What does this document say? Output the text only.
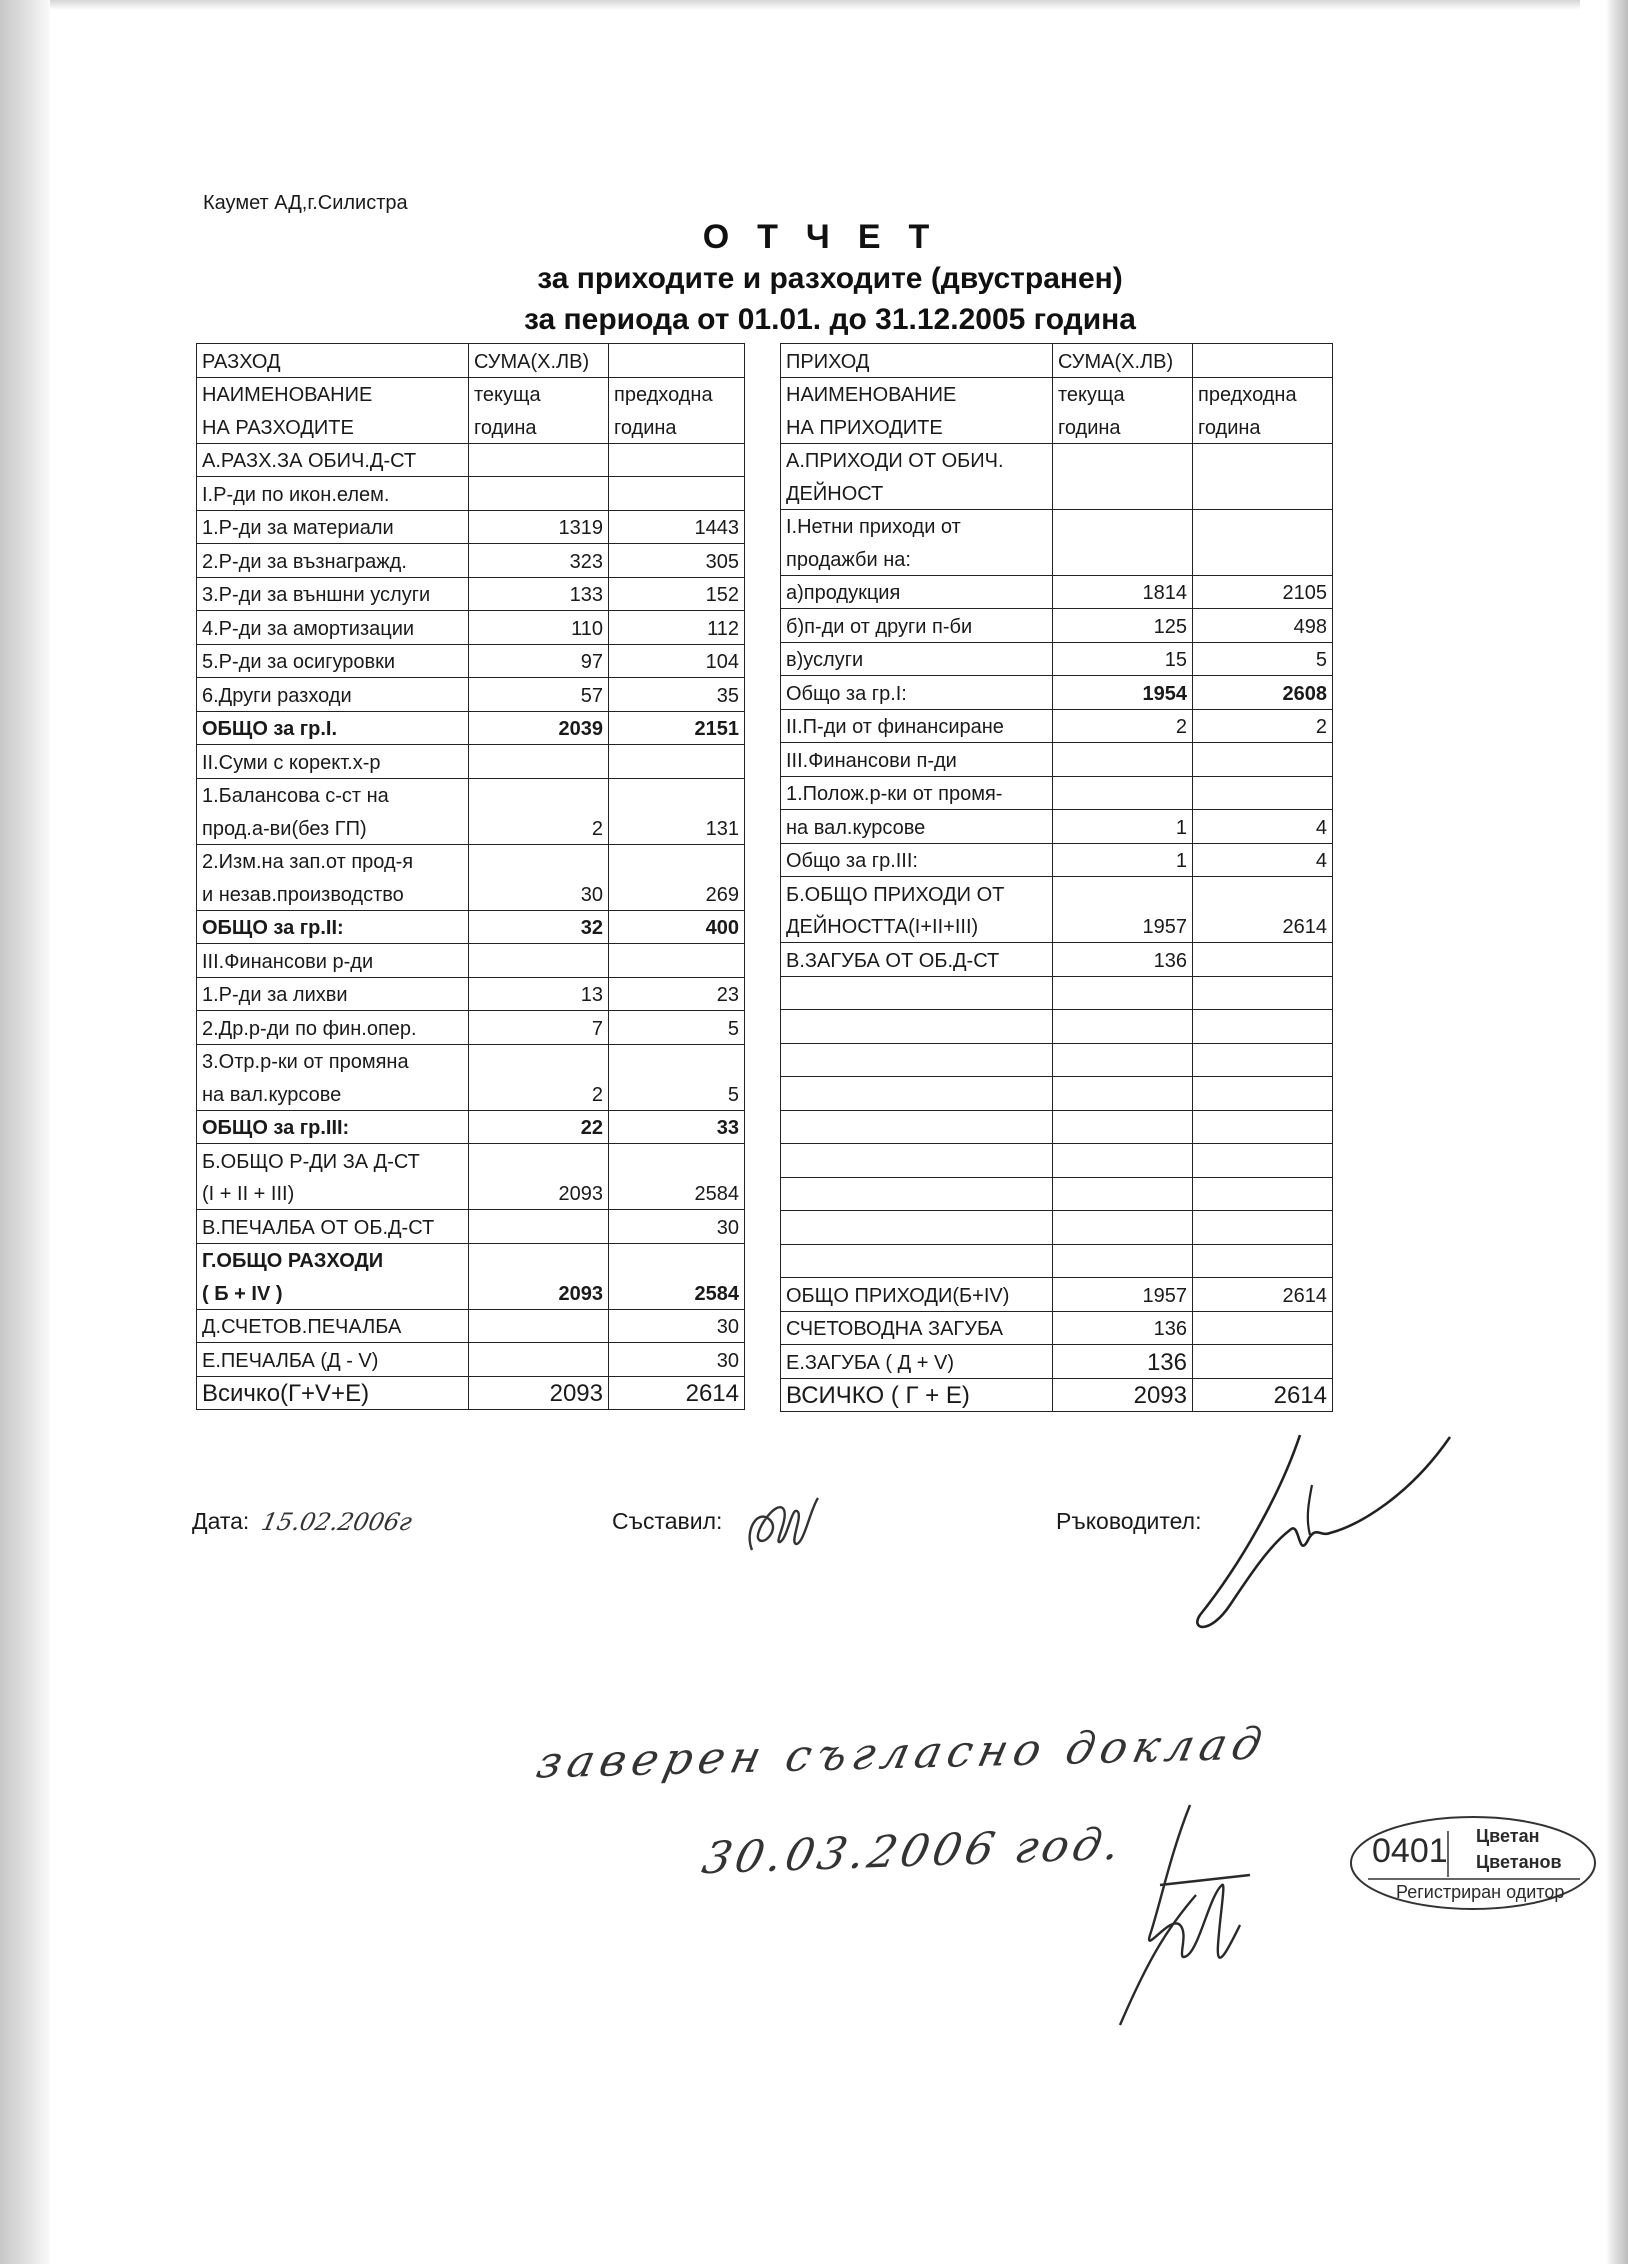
Каумет АД,г.Силистра
ОТЧЕТ
за приходите и разходите (двустранен)
за периода от 01.01. до 31.12.2005 година
РАЗХОД	СУМА(Х.ЛВ)	
НАИМЕНОВАНИЕ	текуща	предходна
НА РАЗХОДИТЕ	година	година
А.РАЗХ.ЗА ОБИЧ.Д-СТ		
I.Р-ди по икон.елем.		
1.Р-ди за материали	1319	1443
2.Р-ди за възнагражд.	323	305
3.Р-ди за външни услуги	133	152
4.Р-ди за амортизации	110	112
5.Р-ди за осигуровки	97	104
6.Други разходи	57	35
ОБЩО за гр.I.	2039	2151
II.Суми с корект.х-р		
1.Балансова с-ст на		
прод.а-ви(без ГП)	2	131
2.Изм.на зап.от прод-я		
и незав.производство	30	269
ОБЩО за гр.II:	32	400
III.Финансови р-ди		
1.Р-ди за лихви	13	23
2.Др.р-ди по фин.опер.	7	5
3.Отр.р-ки от промяна		
на вал.курсове	2	5
ОБЩО за гр.III:	22	33
Б.ОБЩО Р-ДИ ЗА Д-СТ		
(I + II + III)	2093	2584
В.ПЕЧАЛБА ОТ ОБ.Д-СТ		30
Г.ОБЩО РАЗХОДИ		
( Б + IV )	2093	2584
Д.СЧЕТОВ.ПЕЧАЛБА		30
Е.ПЕЧАЛБА (Д - V)		30
Всичко(Г+V+Е)	2093	2614
ПРИХОД	СУМА(Х.ЛВ)	
НАИМЕНОВАНИЕ	текуща	предходна
НА ПРИХОДИТЕ	година	година
А.ПРИХОДИ ОТ ОБИЧ.		
ДЕЙНОСТ		
I.Нетни приходи от		
продажби на:		
а)продукция	1814	2105
б)п-ди от други п-би	125	498
в)услуги	15	5
Общо за гр.I:	1954	2608
II.П-ди от финансиране	2	2
III.Финансови п-ди		
1.Полож.р-ки от промя-		
на вал.курсове	1	4
Общо за гр.III:	1	4
Б.ОБЩО ПРИХОДИ ОТ		
ДЕЙНОСТТА(I+II+III)	1957	2614
В.ЗАГУБА ОТ ОБ.Д-СТ	136	

ОБЩО ПРИХОДИ(Б+IV)	1957	2614
СЧЕТОВОДНА ЗАГУБА	136	
Е.ЗАГУБА ( Д + V)	136	
ВСИЧКО ( Г + Е)	2093	2614
Дата: 15.02.2006г	Съставил:	Ръководител:
заверен съгласно доклад
30.03.2006 год.	0401 Цветан
Цветанов
Регистриран одитор
